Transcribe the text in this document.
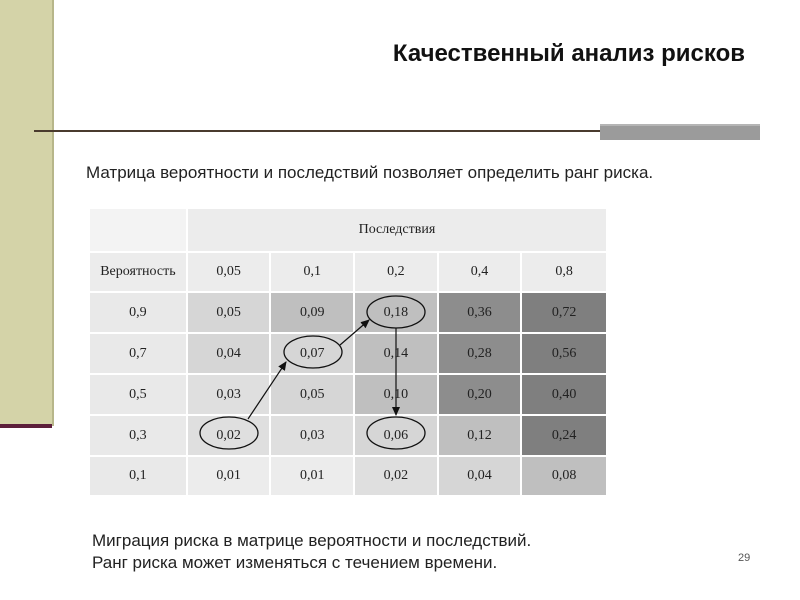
Качественный анализ рисков
Матрица вероятности и последствий позволяет определить ранг риска.
	Последствия				
Вероятность	0,05	0,1	0,2	0,4	0,8
0,9	0,05	0,09	0,18	0,36	0,72
0,7	0,04	0,07	0,14	0,28	0,56
0,5	0,03	0,05	0,10	0,20	0,40
0,3	0,02	0,03	0,06	0,12	0,24
0,1	0,01	0,01	0,02	0,04	0,08
Миграция риска в матрице вероятности и последствий.
Ранг риска может изменяться с течением времени.	29
